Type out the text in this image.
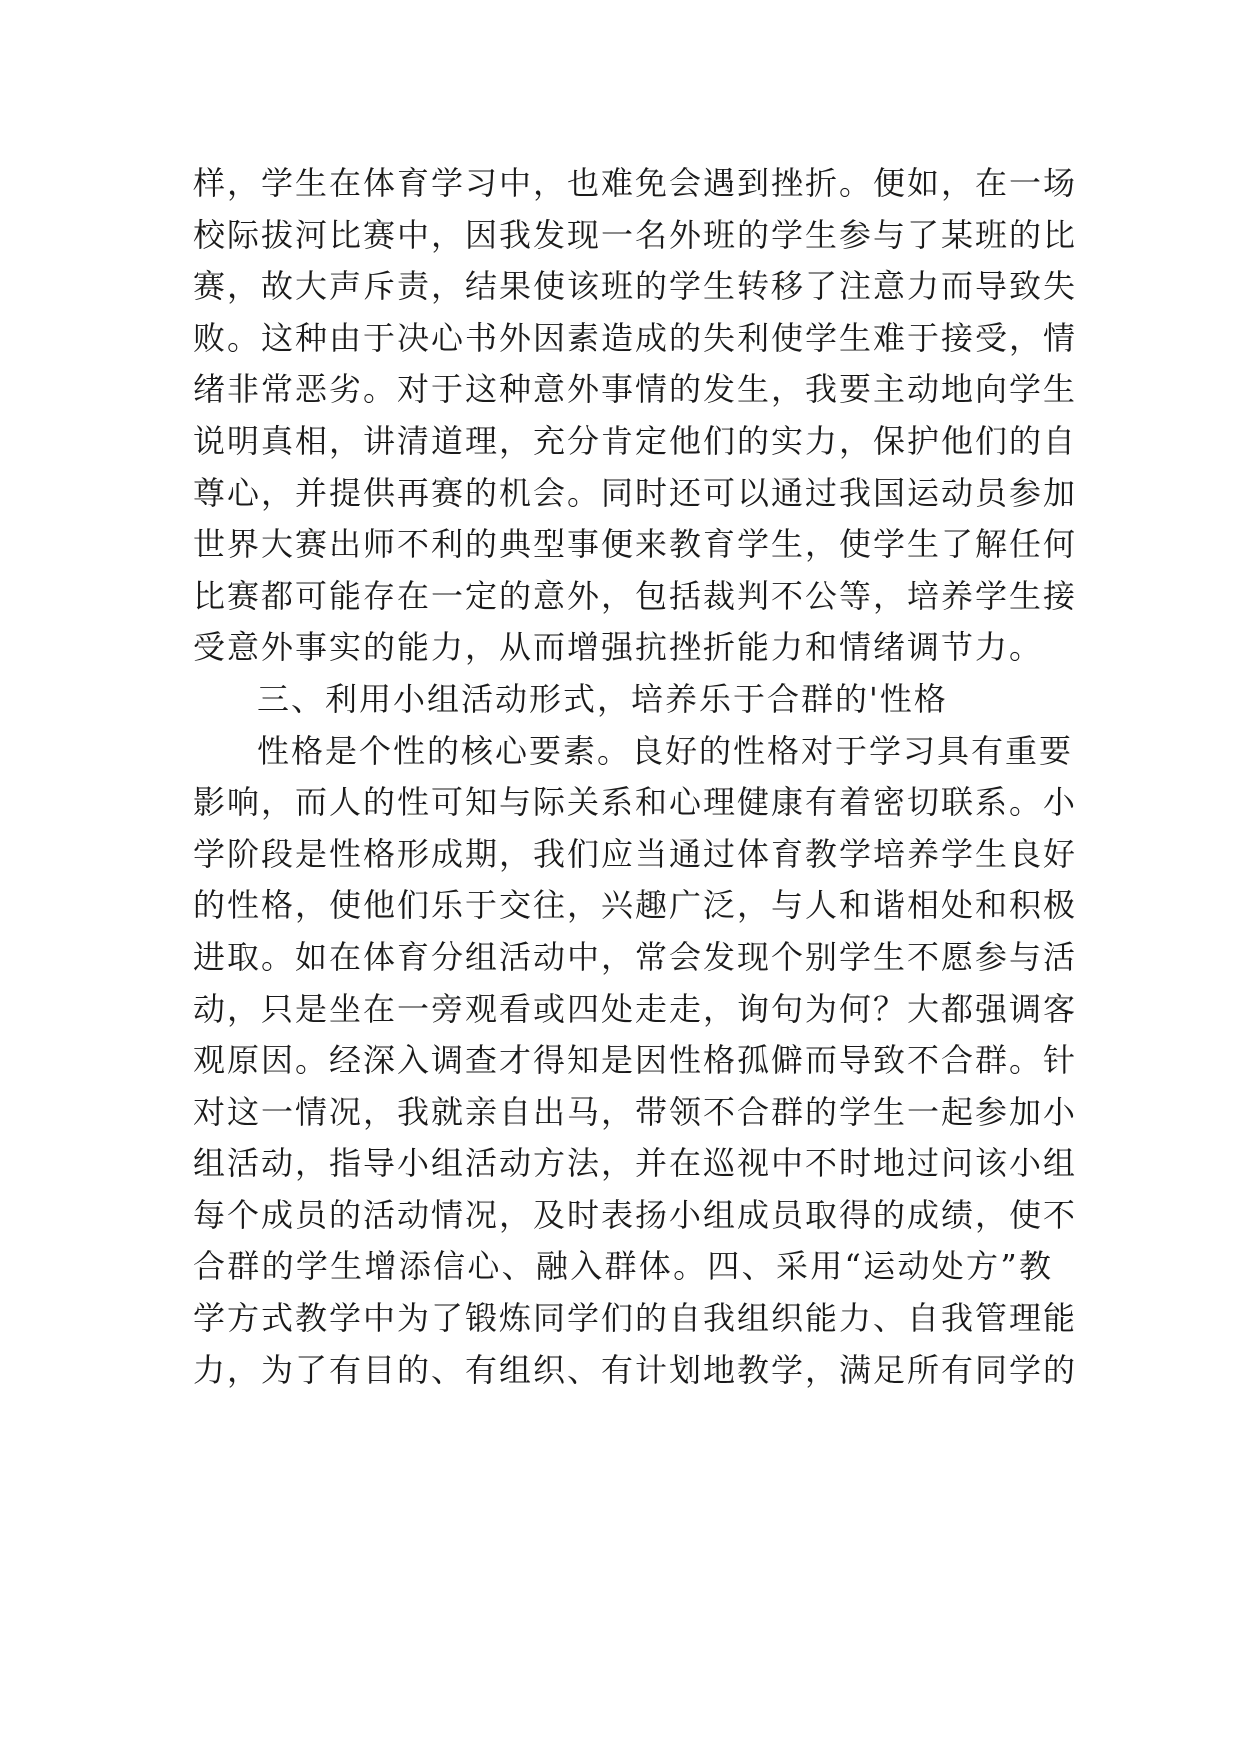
样，学生在体育学习中，也难免会遇到挫折。便如，在一场
校际拔河比赛中，因我发现一名外班的学生参与了某班的比
赛，故大声斥责，结果使该班的学生转移了注意力而导致失
败。这种由于决心书外因素造成的失利使学生难于接受，情
绪非常恶劣。对于这种意外事情的发生，我要主动地向学生
说明真相，讲清道理，充分肯定他们的实力，保护他们的自
尊心，并提供再赛的机会。同时还可以通过我国运动员参加
世界大赛出师不利的典型事便来教育学生，使学生了解任何
比赛都可能存在一定的意外，包括裁判不公等，培养学生接
受意外事实的能力，从而增强抗挫折能力和情绪调节力。
三、利用小组活动形式，培养乐于合群的'性格
性格是个性的核心要素。良好的性格对于学习具有重要
影响，而人的性可知与际关系和心理健康有着密切联系。小
学阶段是性格形成期，我们应当通过体育教学培养学生良好
的性格，使他们乐于交往，兴趣广泛，与人和谐相处和积极
进取。如在体育分组活动中，常会发现个别学生不愿参与活
动，只是坐在一旁观看或四处走走，询句为何？大都强调客
观原因。经深入调查才得知是因性格孤僻而导致不合群。针
对这一情况，我就亲自出马，带领不合群的学生一起参加小
组活动，指导小组活动方法，并在巡视中不时地过问该小组
每个成员的活动情况，及时表扬小组成员取得的成绩，使不
合群的学生增添信心、融入群体。四、采用“运动处方”教
学方式教学中为了锻炼同学们的自我组织能力、自我管理能
力，为了有目的、有组织、有计划地教学，满足所有同学的
